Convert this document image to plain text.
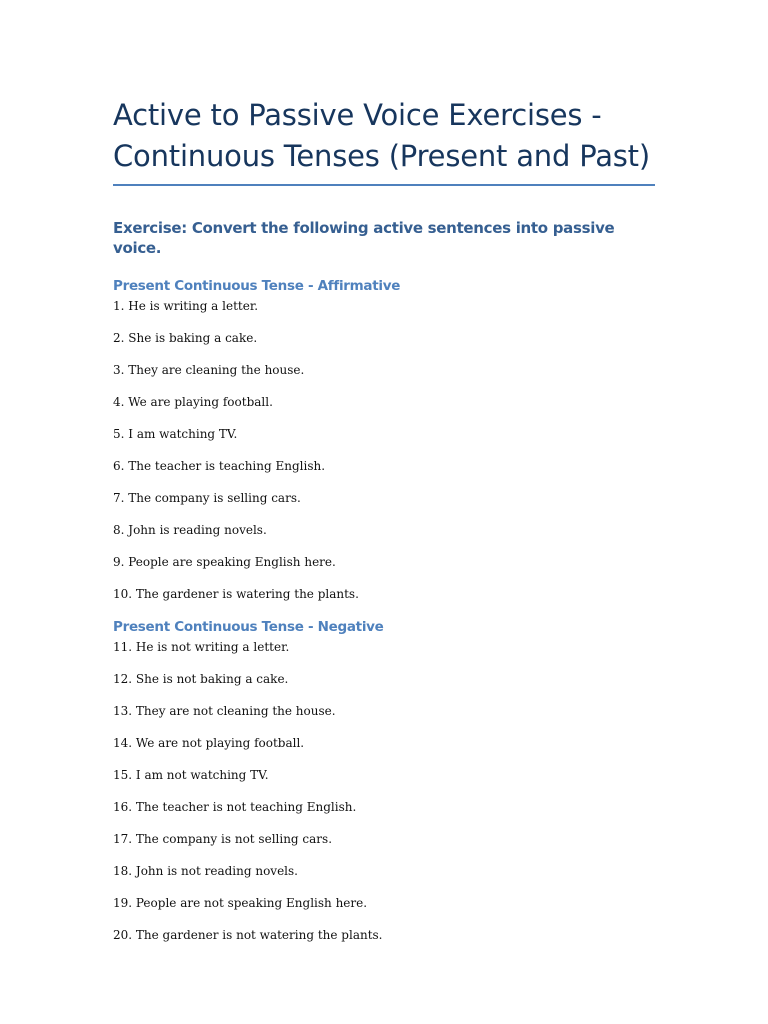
Active to Passive Voice Exercises - Continuous Tenses (Present and Past)
Exercise: Convert the following active sentences into passive voice.
Present Continuous Tense - Affirmative
1. He is writing a letter.
2. She is baking a cake.
3. They are cleaning the house.
4. We are playing football.
5. I am watching TV.
6. The teacher is teaching English.
7. The company is selling cars.
8. John is reading novels.
9. People are speaking English here.
10. The gardener is watering the plants.
Present Continuous Tense - Negative
11. He is not writing a letter.
12. She is not baking a cake.
13. They are not cleaning the house.
14. We are not playing football.
15. I am not watching TV.
16. The teacher is not teaching English.
17. The company is not selling cars.
18. John is not reading novels.
19. People are not speaking English here.
20. The gardener is not watering the plants.
